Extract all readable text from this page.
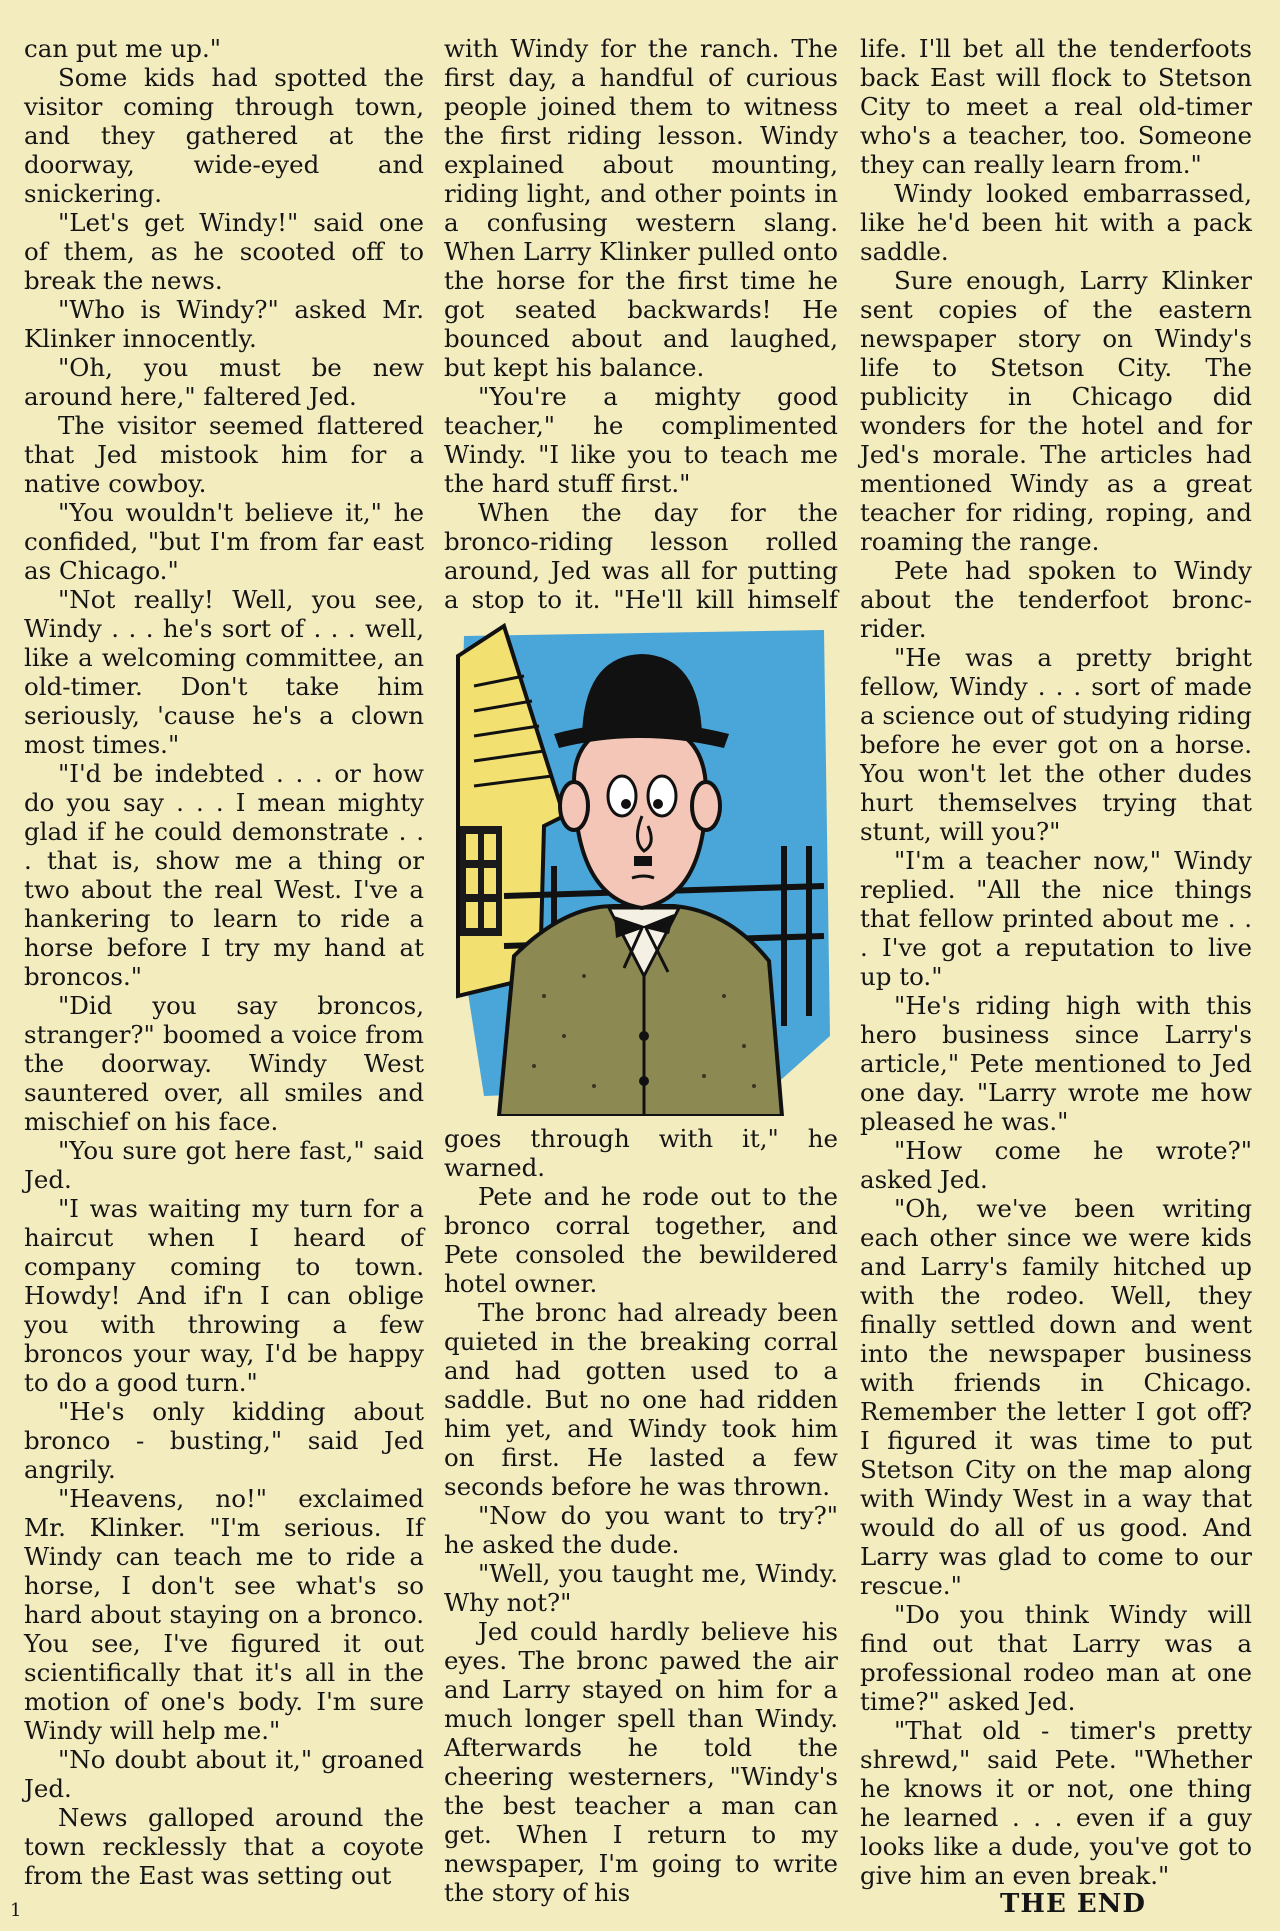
can put me up."

Some kids had spotted the visitor coming through town, and they gathered at the doorway, wide-eyed and snickering.

"Let's get Windy!" said one of them, as he scooted off to break the news.

"Who is Windy?" asked Mr. Klinker innocently.

"Oh, you must be new around here," faltered Jed.

The visitor seemed flattered that Jed mistook him for a native cowboy.

"You wouldn't believe it," he confided, "but I'm from far east as Chicago."

"Not really! Well, you see, Windy . . . he's sort of . . . well, like a welcoming committee, an old-timer. Don't take him seriously, 'cause he's a clown most times."

"I'd be indebted . . . or how do you say . . . I mean mighty glad if he could demonstrate . . . that is, show me a thing or two about the real West. I've a hankering to learn to ride a horse before I try my hand at broncos."

"Did you say broncos, stranger?" boomed a voice from the doorway. Windy West sauntered over, all smiles and mischief on his face.

"You sure got here fast," said Jed.

"I was waiting my turn for a haircut when I heard of company coming to town. Howdy! And if'n I can oblige you with throwing a few broncos your way, I'd be happy to do a good turn."

"He's only kidding about bronco - busting," said Jed angrily.

"Heavens, no!" exclaimed Mr. Klinker. "I'm serious. If Windy can teach me to ride a horse, I don't see what's so hard about staying on a bronco. You see, I've figured it out scientifically that it's all in the motion of one's body. I'm sure Windy will help me."

"No doubt about it," groaned Jed.

News galloped around the town recklessly that a coyote from the East was setting out

with Windy for the ranch. The first day, a handful of curious people joined them to witness the first riding lesson. Windy explained about mounting, riding light, and other points in a confusing western slang. When Larry Klinker pulled onto the horse for the first time he got seated backwards! He bounced about and laughed, but kept his balance.

"You're a mighty good teacher," he complimented Windy. "I like you to teach me the hard stuff first."

When the day for the bronco-riding lesson rolled around, Jed was all for putting a stop to it. "He'll kill himself

goes through with it," he warned.

Pete and he rode out to the bronco corral together, and Pete consoled the bewildered hotel owner.

The bronc had already been quieted in the breaking corral and had gotten used to a saddle. But no one had ridden him yet, and Windy took him on first. He lasted a few seconds before he was thrown.

"Now do you want to try?" he asked the dude.

"Well, you taught me, Windy. Why not?"

Jed could hardly believe his eyes. The bronc pawed the air and Larry stayed on him for a much longer spell than Windy. Afterwards he told the cheering westerners, "Windy's the best teacher a man can get. When I return to my newspaper, I'm going to write the story of his

life. I'll bet all the tenderfoots back East will flock to Stetson City to meet a real old-timer who's a teacher, too. Someone they can really learn from."

Windy looked embarrassed, like he'd been hit with a pack saddle.

Sure enough, Larry Klinker sent copies of the eastern newspaper story on Windy's life to Stetson City. The publicity in Chicago did wonders for the hotel and for Jed's morale. The articles had mentioned Windy as a great teacher for riding, roping, and roaming the range.

Pete had spoken to Windy about the tenderfoot bronc-rider.

"He was a pretty bright fellow, Windy . . . sort of made a science out of studying riding before he ever got on a horse. You won't let the other dudes hurt themselves trying that stunt, will you?"

"I'm a teacher now," Windy replied. "All the nice things that fellow printed about me . . . I've got a reputation to live up to."

"He's riding high with this hero business since Larry's article," Pete mentioned to Jed one day. "Larry wrote me how pleased he was."

"How come he wrote?" asked Jed.

"Oh, we've been writing each other since we were kids and Larry's family hitched up with the rodeo. Well, they finally settled down and went into the newspaper business with friends in Chicago. Remember the letter I got off? I figured it was time to put Stetson City on the map along with Windy West in a way that would do all of us good. And Larry was glad to come to our rescue."

"Do you think Windy will find out that Larry was a professional rodeo man at one time?" asked Jed.

"That old - timer's pretty shrewd," said Pete. "Whether he knows it or not, one thing he learned . . . even if a guy looks like a dude, you've got to give him an even break."

THE END

1
